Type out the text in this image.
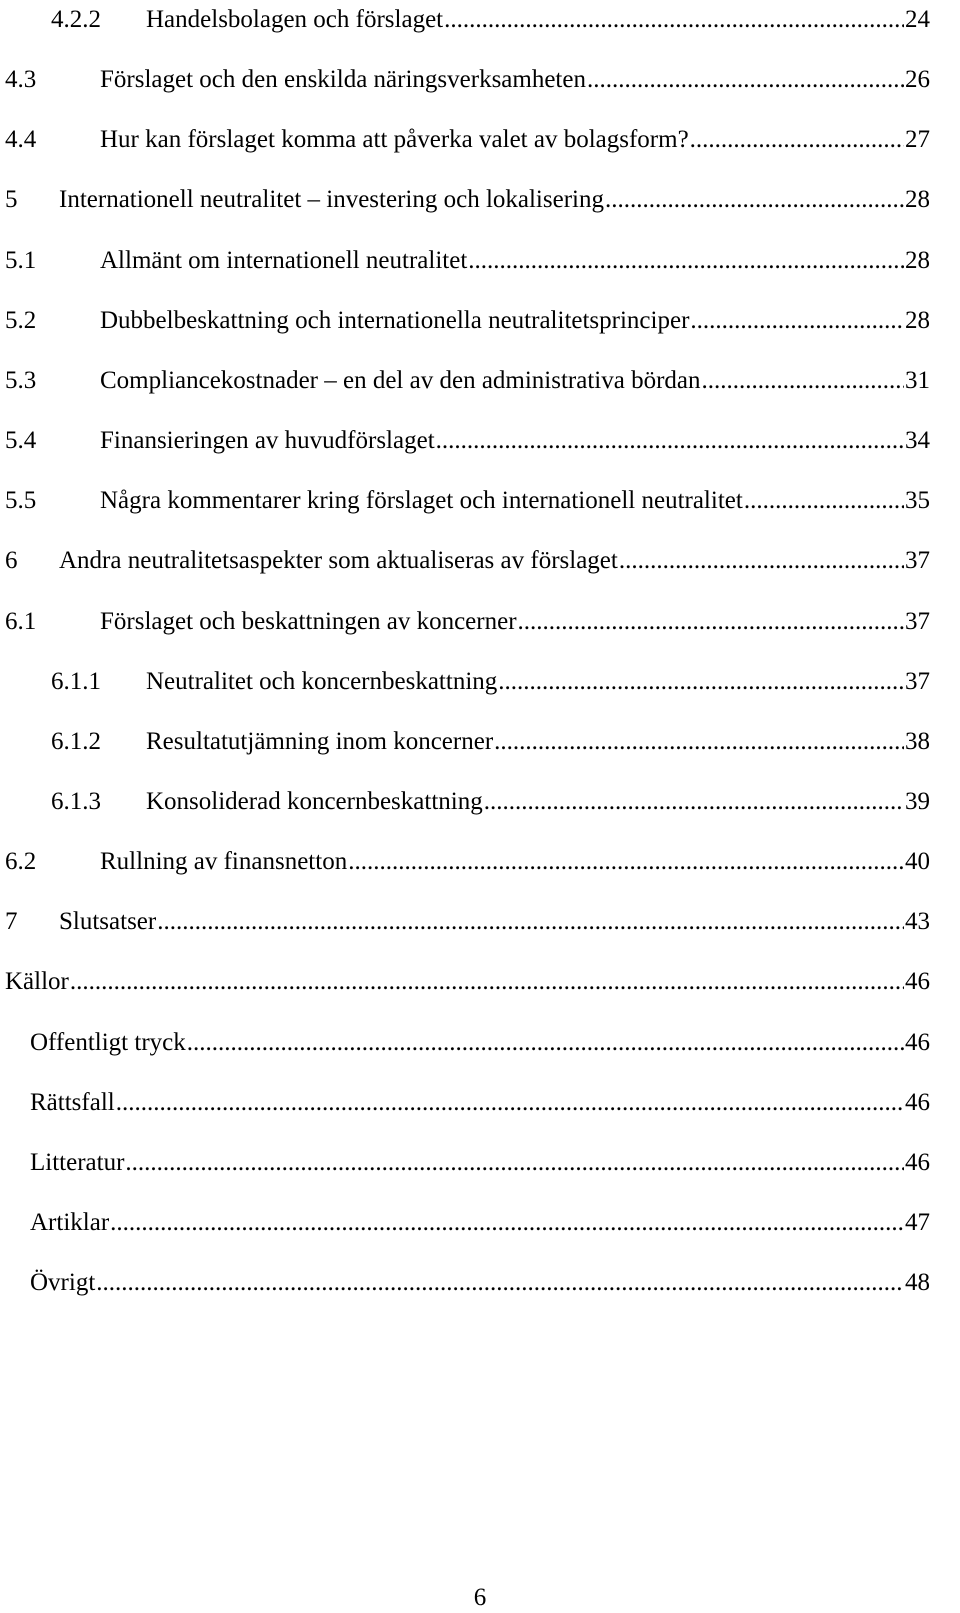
4.2.2	Handelsbolagen och förslaget .....	24
4.3	Förslaget och den enskilda näringsverksamheten .....	26
4.4	Hur kan förslaget komma att påverka valet av bolagsform? .....	27
5	Internationell neutralitet – investering och lokalisering .....	28
5.1	Allmänt om internationell neutralitet .....	28
5.2	Dubbelbeskattning och internationella neutralitetsprinciper .....	28
5.3	Compliancekostnader – en del av den administrativa bördan .....	31
5.4	Finansieringen av huvudförslaget .....	34
5.5	Några kommentarer kring förslaget och internationell neutralitet .....	35
6	Andra neutralitetsaspekter som aktualiseras av förslaget .....	37
6.1	Förslaget och beskattningen av koncerner .....	37
6.1.1	Neutralitet och koncernbeskattning .....	37
6.1.2	Resultatutjämning inom koncerner .....	38
6.1.3	Konsoliderad koncernbeskattning .....	39
6.2	Rullning av finansnetton .....	40
7	Slutsatser .....	43
Källor .....	46
Offentligt tryck .....	46
Rättsfall .....	46
Litteratur .....	46
Artiklar .....	47
Övrigt .....	48
6
